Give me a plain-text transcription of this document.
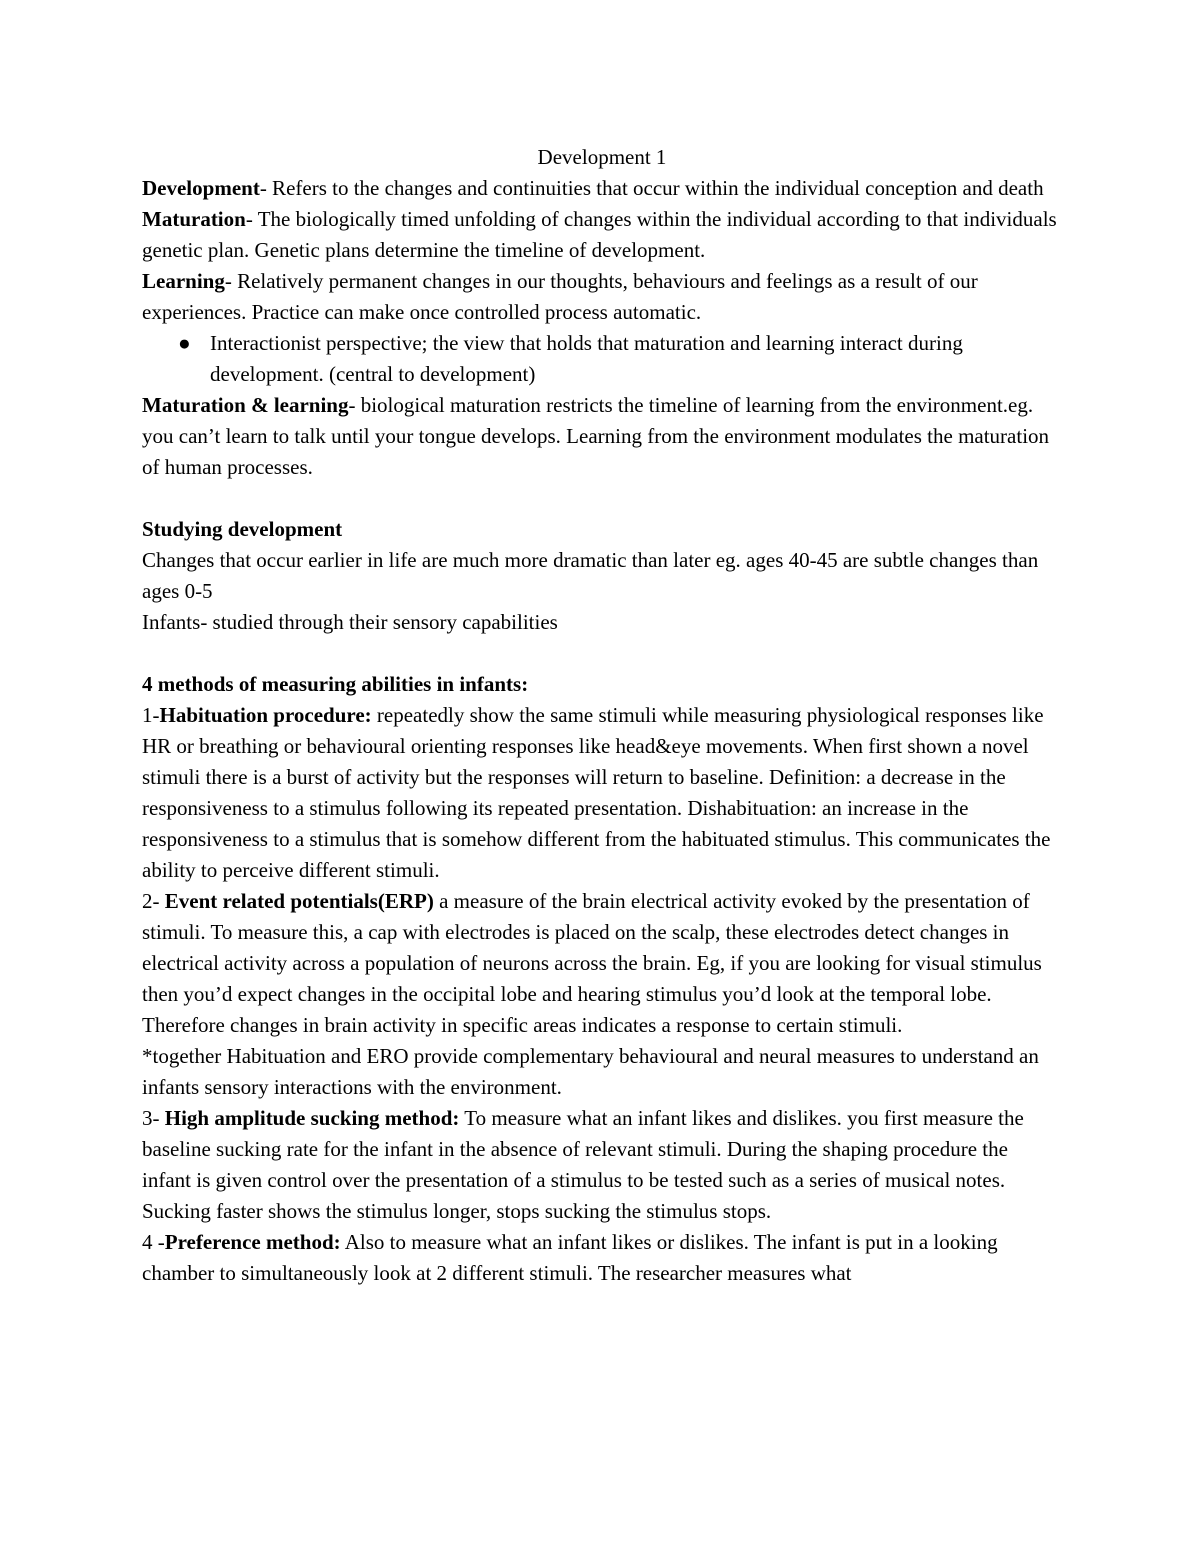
Development 1

Development- Refers to the changes and continuities that occur within the individual conception and death

Maturation- The biologically timed unfolding of changes within the individual according to that individuals genetic plan. Genetic plans determine the timeline of development.

Learning- Relatively permanent changes in our thoughts, behaviours and feelings as a result of our experiences. Practice can make once controlled process automatic.

● Interactionist perspective; the view that holds that maturation and learning interact during development. (central to development)

Maturation & learning- biological maturation restricts the timeline of learning from the environment.eg. you can’t learn to talk until your tongue develops. Learning from the environment modulates the maturation of human processes.

Studying development

Changes that occur earlier in life are much more dramatic than later eg. ages 40-45 are subtle changes than ages 0-5

Infants- studied through their sensory capabilities

4 methods of measuring abilities in infants:

1-Habituation procedure: repeatedly show the same stimuli while measuring physiological responses like HR or breathing or behavioural orienting responses like head&eye movements. When first shown a novel stimuli there is a burst of activity but the responses will return to baseline. Definition: a decrease in the responsiveness to a stimulus following its repeated presentation. Dishabituation: an increase in the responsiveness to a stimulus that is somehow different from the habituated stimulus. This communicates the ability to perceive different stimuli.

2- Event related potentials(ERP) a measure of the brain electrical activity evoked by the presentation of stimuli. To measure this, a cap with electrodes is placed on the scalp, these electrodes detect changes in electrical activity across a population of neurons across the brain. Eg, if you are looking for visual stimulus then you’d expect changes in the occipital lobe and hearing stimulus you’d look at the temporal lobe. Therefore changes in brain activity in specific areas indicates a response to certain stimuli.

*together Habituation and ERO provide complementary behavioural and neural measures to understand an infants sensory interactions with the environment.

3- High amplitude sucking method: To measure what an infant likes and dislikes. you first measure the baseline sucking rate for the infant in the absence of relevant stimuli. During the shaping procedure the infant is given control over the presentation of a stimulus to be tested such as a series of musical notes. Sucking faster shows the stimulus longer, stops sucking the stimulus stops.

4 -Preference method: Also to measure what an infant likes or dislikes. The infant is put in a looking chamber to simultaneously look at 2 different stimuli. The researcher measures what
